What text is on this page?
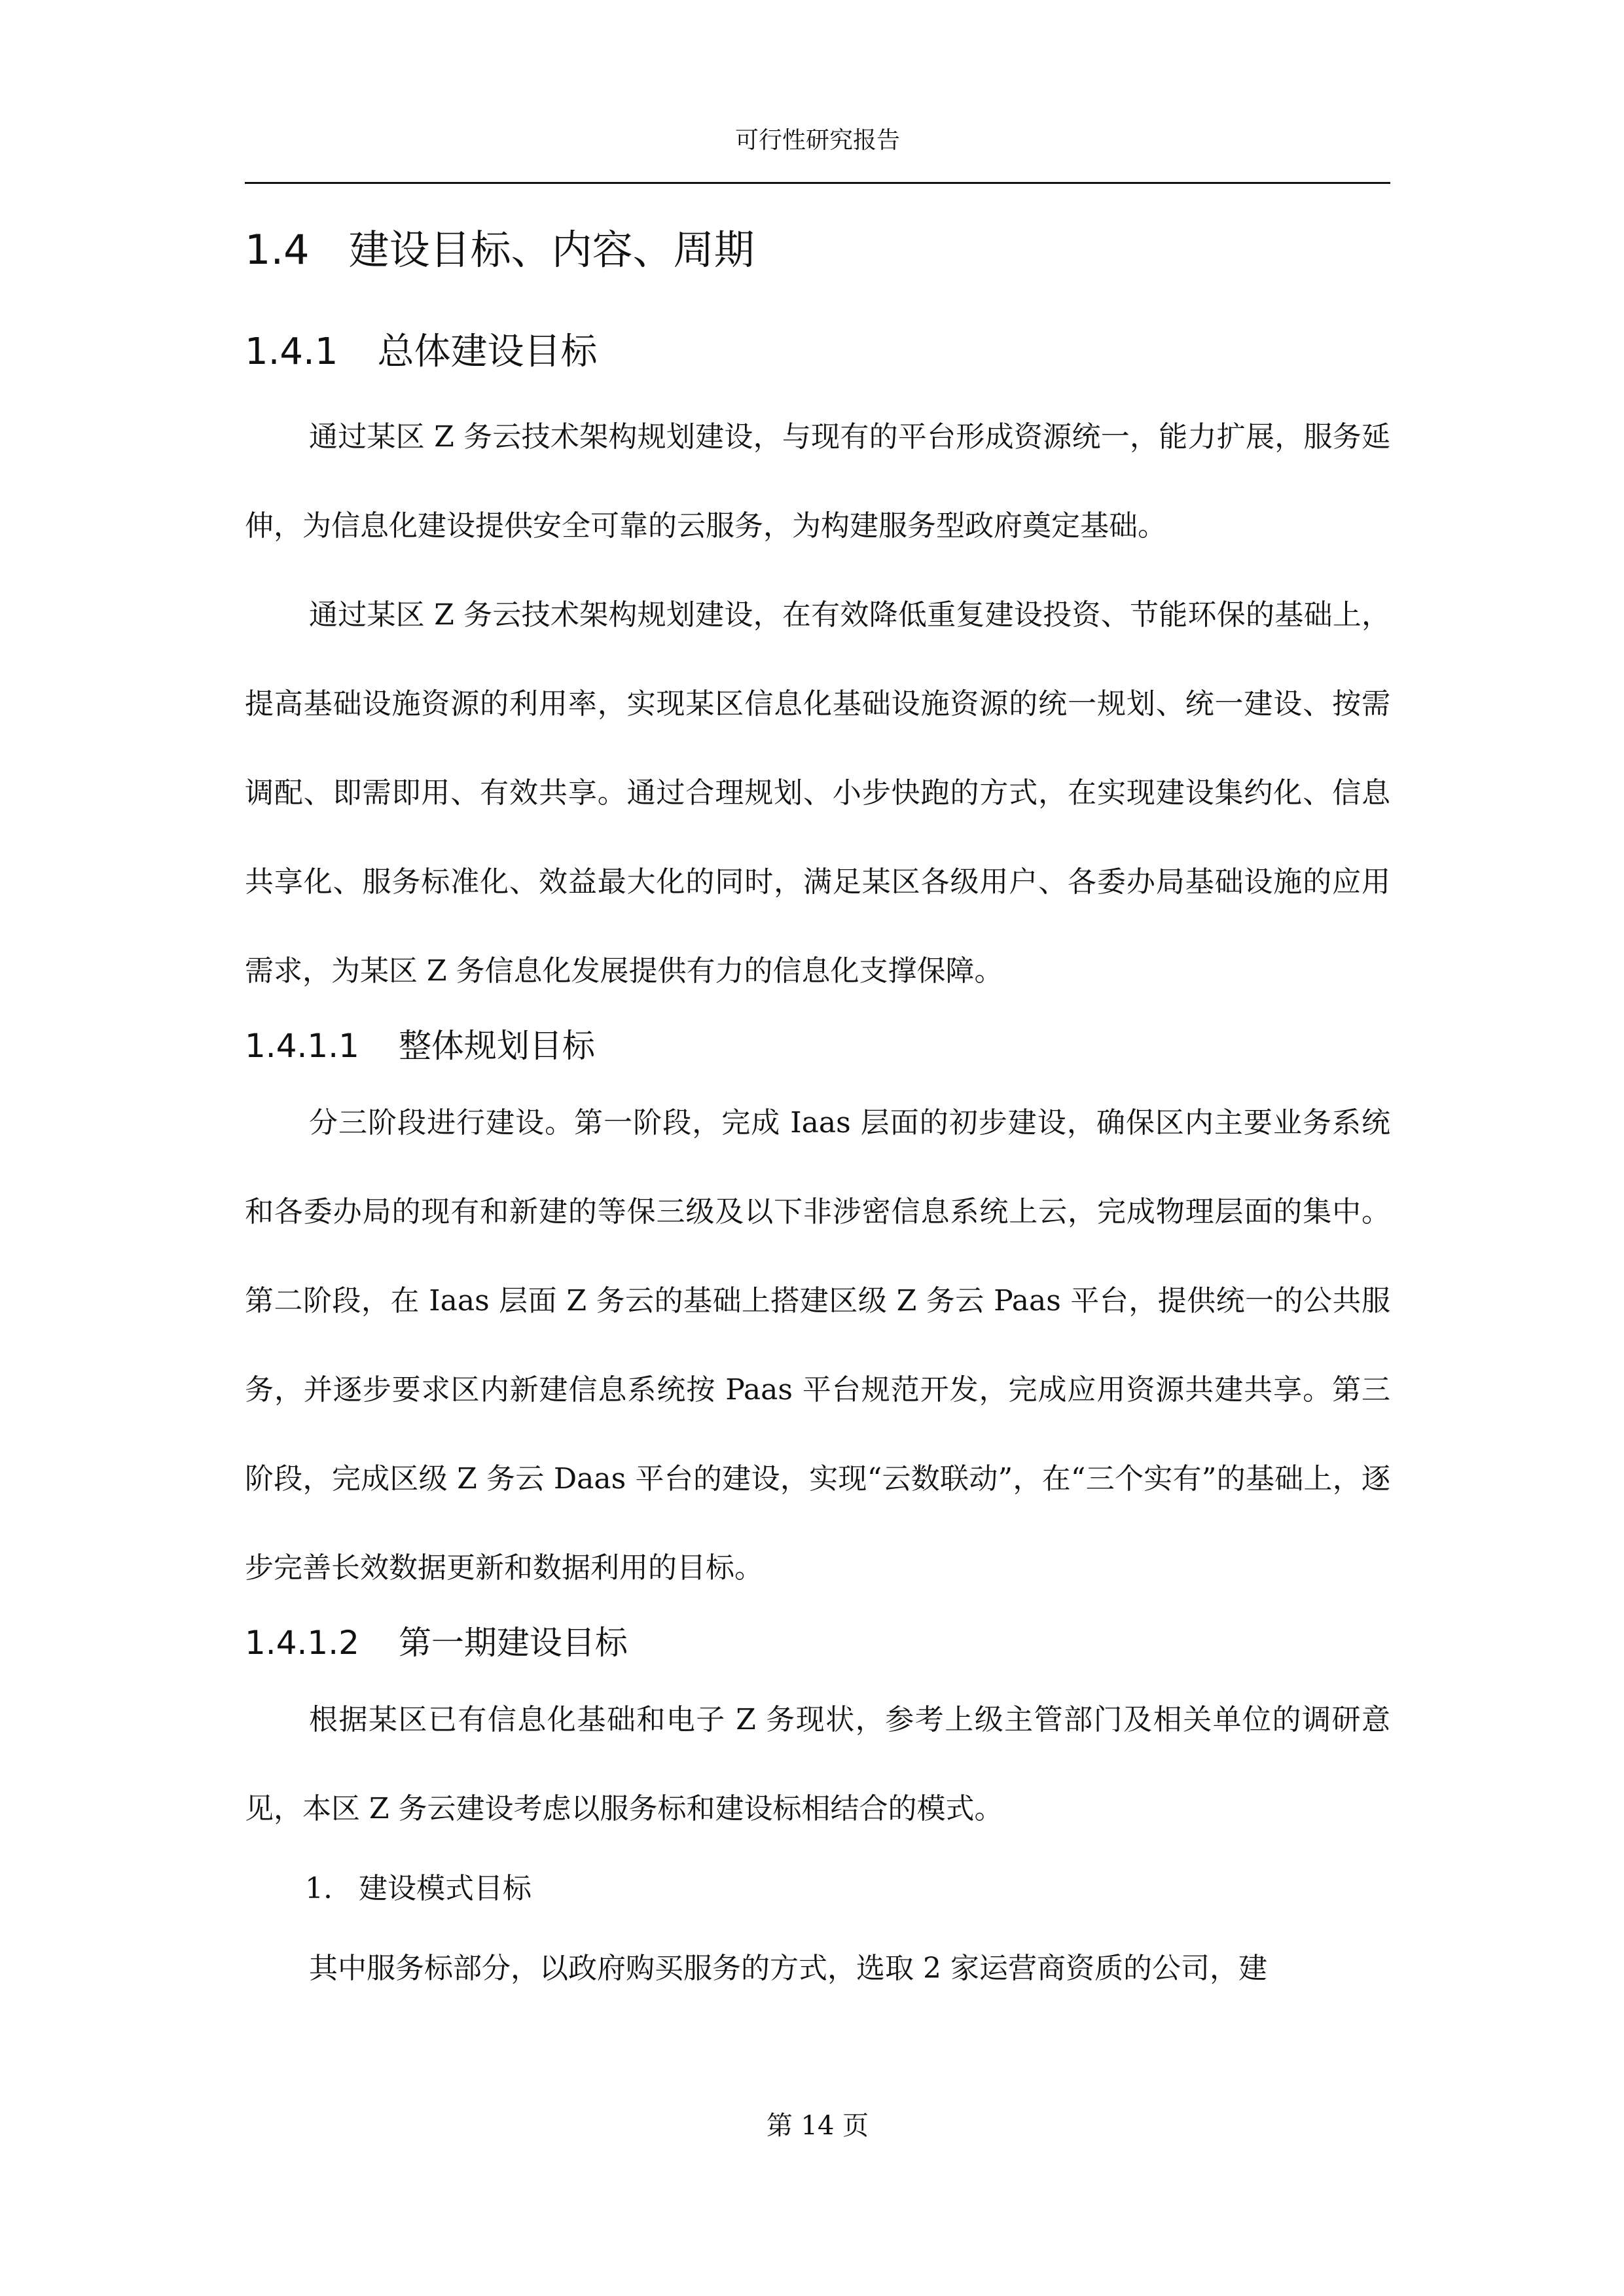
可行性研究报告
1.4 建设目标、内容、周期
1.4.1 总体建设目标

通过某区 Z 务云技术架构规划建设，与现有的平台形成资源统一，能力扩展，服务延伸，为信息化建设提供安全可靠的云服务，为构建服务型政府奠定基础。

通过某区 Z 务云技术架构规划建设，在有效降低重复建设投资、节能环保的基础上，提高基础设施资源的利用率，实现某区信息化基础设施资源的统一规划、统一建设、按需调配、即需即用、有效共享。通过合理规划、小步快跑的方式，在实现建设集约化、信息共享化、服务标准化、效益最大化的同时，满足某区各级用户、各委办局基础设施的应用需求，为某区 Z 务信息化发展提供有力的信息化支撑保障。

1.4.1.1 整体规划目标

分三阶段进行建设。第一阶段，完成 Iaas 层面的初步建设，确保区内主要业务系统和各委办局的现有和新建的等保三级及以下非涉密信息系统上云，完成物理层面的集中。第二阶段，在 Iaas 层面 Z 务云的基础上搭建区级 Z 务云 Paas 平台，提供统一的公共服务，并逐步要求区内新建信息系统按 Paas 平台规范开发，完成应用资源共建共享。第三阶段，完成区级 Z 务云 Daas 平台的建设，实现“云数联动”，在“三个实有”的基础上，逐步完善长效数据更新和数据利用的目标。

1.4.1.2 第一期建设目标

根据某区已有信息化基础和电子 Z 务现状，参考上级主管部门及相关单位的调研意见，本区 Z 务云建设考虑以服务标和建设标相结合的模式。

1. 建设模式目标

其中服务标部分，以政府购买服务的方式，选取 2 家运营商资质的公司，建

第 14 页
